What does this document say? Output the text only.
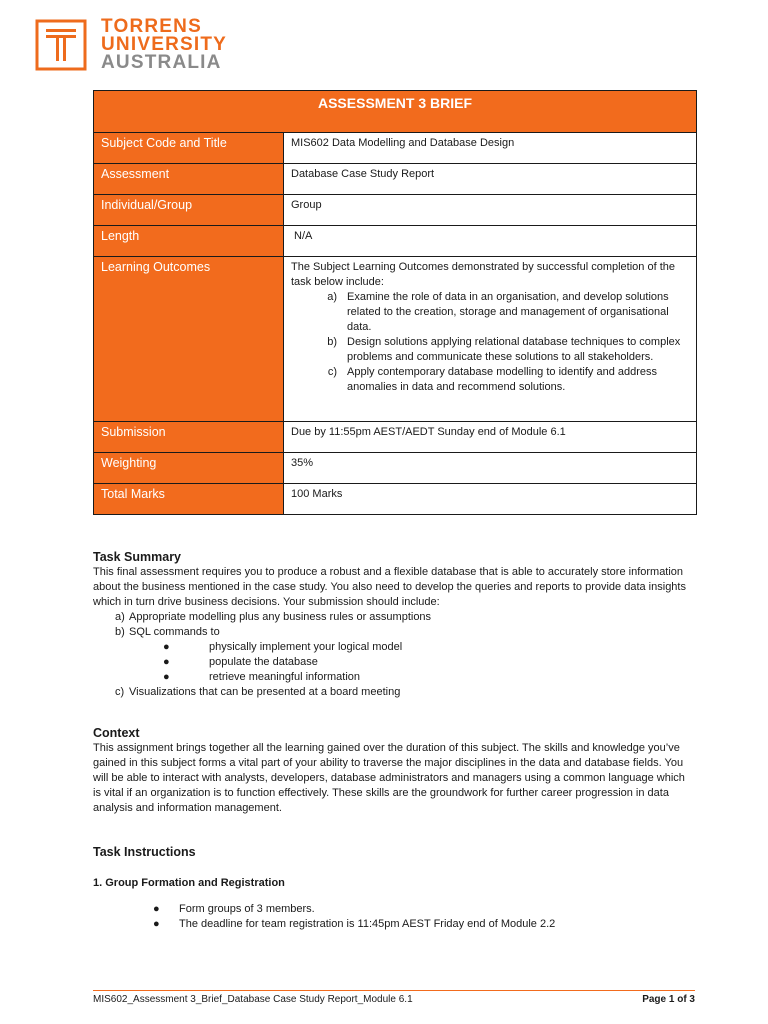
TORRENS
UNIVERSITY
AUSTRALIA
ASSESSMENT 3 BRIEF
Subject Code and Title	MIS602 Data Modelling and Database Design
Assessment	Database Case Study Report
Individual/Group	Group
Length	N/A
Learning Outcomes	The Subject Learning Outcomes demonstrated by successful completion of the task below include:
a) Examine the role of data in an organisation, and develop solutions related to the creation, storage and management of organisational data.
b) Design solutions applying relational database techniques to complex problems and communicate these solutions to all stakeholders.
c) Apply contemporary database modelling to identify and address anomalies in data and recommend solutions.
Submission	Due by 11:55pm AEST/AEDT Sunday end of Module 6.1
Weighting	35%
Total Marks	100 Marks
Task Summary

This final assessment requires you to produce a robust and a flexible database that is able to accurately store information about the business mentioned in the case study. You also need to develop the queries and reports to provide data insights which in turn drive business decisions. Your submission should include:

a) Appropriate modelling plus any business rules or assumptions
b) SQL commands to
●	physically implement your logical model
●	populate the database
●	retrieve meaningful information
c) Visualizations that can be presented at a board meeting
Context

This assignment brings together all the learning gained over the duration of this subject. The skills and knowledge you’ve gained in this subject forms a vital part of your ability to traverse the major disciplines in the data and database fields. You will be able to interact with analysts, developers, database administrators and managers using a common language which is vital if an organization is to function effectively. These skills are the groundwork for further career progression in data analysis and information management.

Task Instructions
1. Group Formation and Registration
●	Form groups of 3 members.
●	The deadline for team registration is 11:45pm AEST Friday end of Module 2.2
MIS602_Assessment 3_Brief_Database Case Study Report_Module 6.1	Page 1 of 3
